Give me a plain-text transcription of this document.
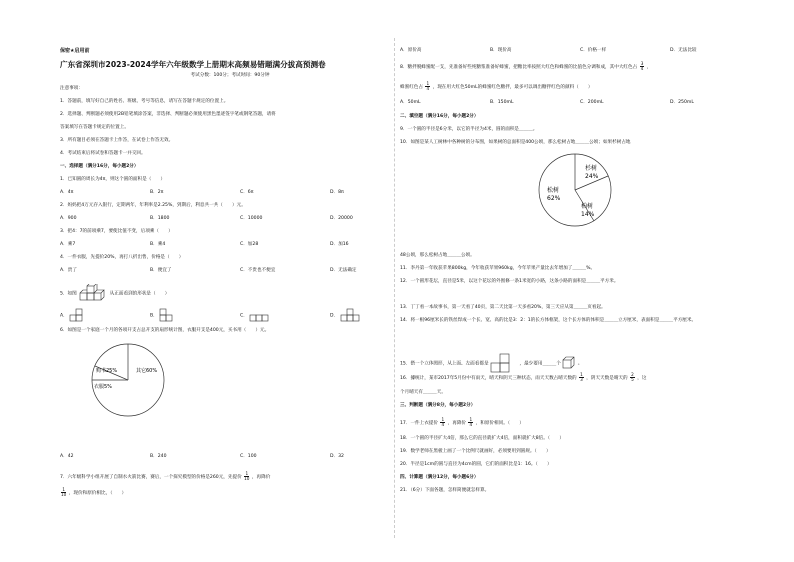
保密★启用前
广东省深圳市2023-2024学年六年级数学上册期末高频易错题满分拔高预测卷
考试分数：100分；考试时间：90分钟
注意事项：
1．答题前，填写好自己的姓名、班级、考号等信息，请写在答题卡规定的位置上。
2．选择题、判断题必须使用2B铅笔填涂答案，非选择、判断题必须使用黑色墨迹签字笔或钢笔答题，请将
答案填写在答题卡规定的位置上。
3．所有题目必须在答题卡上作答，在试卷上作答无效。
4．考试结束后将试卷和答题卡一并交回。
一、选择题（满分16分，每小题2分）
1．已知圆的周长为4π，则这个圆的面积是（　　）
A．4π	B．2π	C．6π	D．8π
2．妈妈把4万元存入银行，定期两年，年利率是2.25%，到期后，利息共一共（　　）元。
A．900	B．1800	C．10000	D．20000
3．把4：7的前项乘7，要使比值不变，后项乘（　　）
A．乘7	B．乘4	C．加28	D．加16
4．一件衣服，先提价20%，再打八折出售，价格是（　　）
A．贵了	B．便宜了	C．不贵也不便宜	D．无法确定
5．如图	从正面看到的形状是（　　）
A．	B．	C．	D．
6．如图是一个家庭一个月的各项开支占总开支的扇形统计图，衣服开支是400元，买书用（　　）元。
购书25%	其它60%
衣服5%
A．42	B．240	C．100	D．32
7．六年级科学小组开展了自制水火箭比赛，赛后，一个探究模型的价格是260元，先提价 $\frac{1}{10}$ ，再降价
$\frac{1}{10}$ ，现价和原价相比，（　　）
A．原价高	B．现价高	C．价格一样	D．无法比较
8．糖拌脱蜂蜜配一支，先准备好些纯糖浆准备好蜂蜜，把糖比率按照大红色和蜂蜜的比值色分调和成，其中大红色占 $\frac{3}{4}$ ，
蜂蜜红色占 $\frac{1}{4}$ ，现在用大红色50mL的蜂蜜红色糖拌，最多可以调出糖拌红色的颜料（　　）
A．50mL	B．150mL	C．200mL	D．250mL
二、填空题（满分16分，每小题2分）
9．一个圆的半径是6分米，以它的半径为4米，圆的面积是＿＿＿。
10．如图是某人工树林中各种树的分布图，如果树的总面积是400公顷，那么松树占地＿＿＿公顷；如果杉树占地
松树
62%
杉树
24%
柏树
14%
48公顷，那么松树占地＿＿＿公顷。
11．李丹第一年收获苹果800kg，今年收获苹果960kg，今年苹果产量比去年增加了＿＿＿%。
12．一个圆形花坛，直径是5米，以这个花坛的外围修一条1米宽的小路，这条小路的面积是＿＿＿平方米。
13．丁丁看一本故事书，第一天看了40页，第二天比第一天多看20%，第三天应从第＿＿＿页看起。
14．将一根96厘米长的铁丝焊成一个长、宽、高的比是3：2：1的长方体框架，这个长方体的体积是＿＿＿立方厘米，表面积是＿＿＿平方厘米。
15．搭一个立体图形，从上面、左面看都是	，最少要用＿＿＿个	。
16．據统计，某市2017年5月份中有雨天，晴天和阴天三种状态，雨天天数占晴天数的 $\frac{1}{3}$ ，阴天天数是晴天的 $\frac{2}{5}$ ，这
个月晴天有＿＿＿天。
三、判断题（满分8分，每小题2分）
17．一件上衣提价 $\frac{1}{4}$ ，再降价 $\frac{1}{4}$ ，和原价相同。（　　）
18．一个圆的半径扩大4倍，那么它的直径就扩大4倍，面积就扩大8倍。（　　）
19．数学老师在黑板上画了一个比例尺就画好，必须要用到圆规。（　　）
20．半径是1cm的圆与直径为4cm的圆，它们的面积比是1：16。（　　）
四、计算题（满分12分，每小题6分）
21．（6分）下面各题，怎样简便就怎样算。
